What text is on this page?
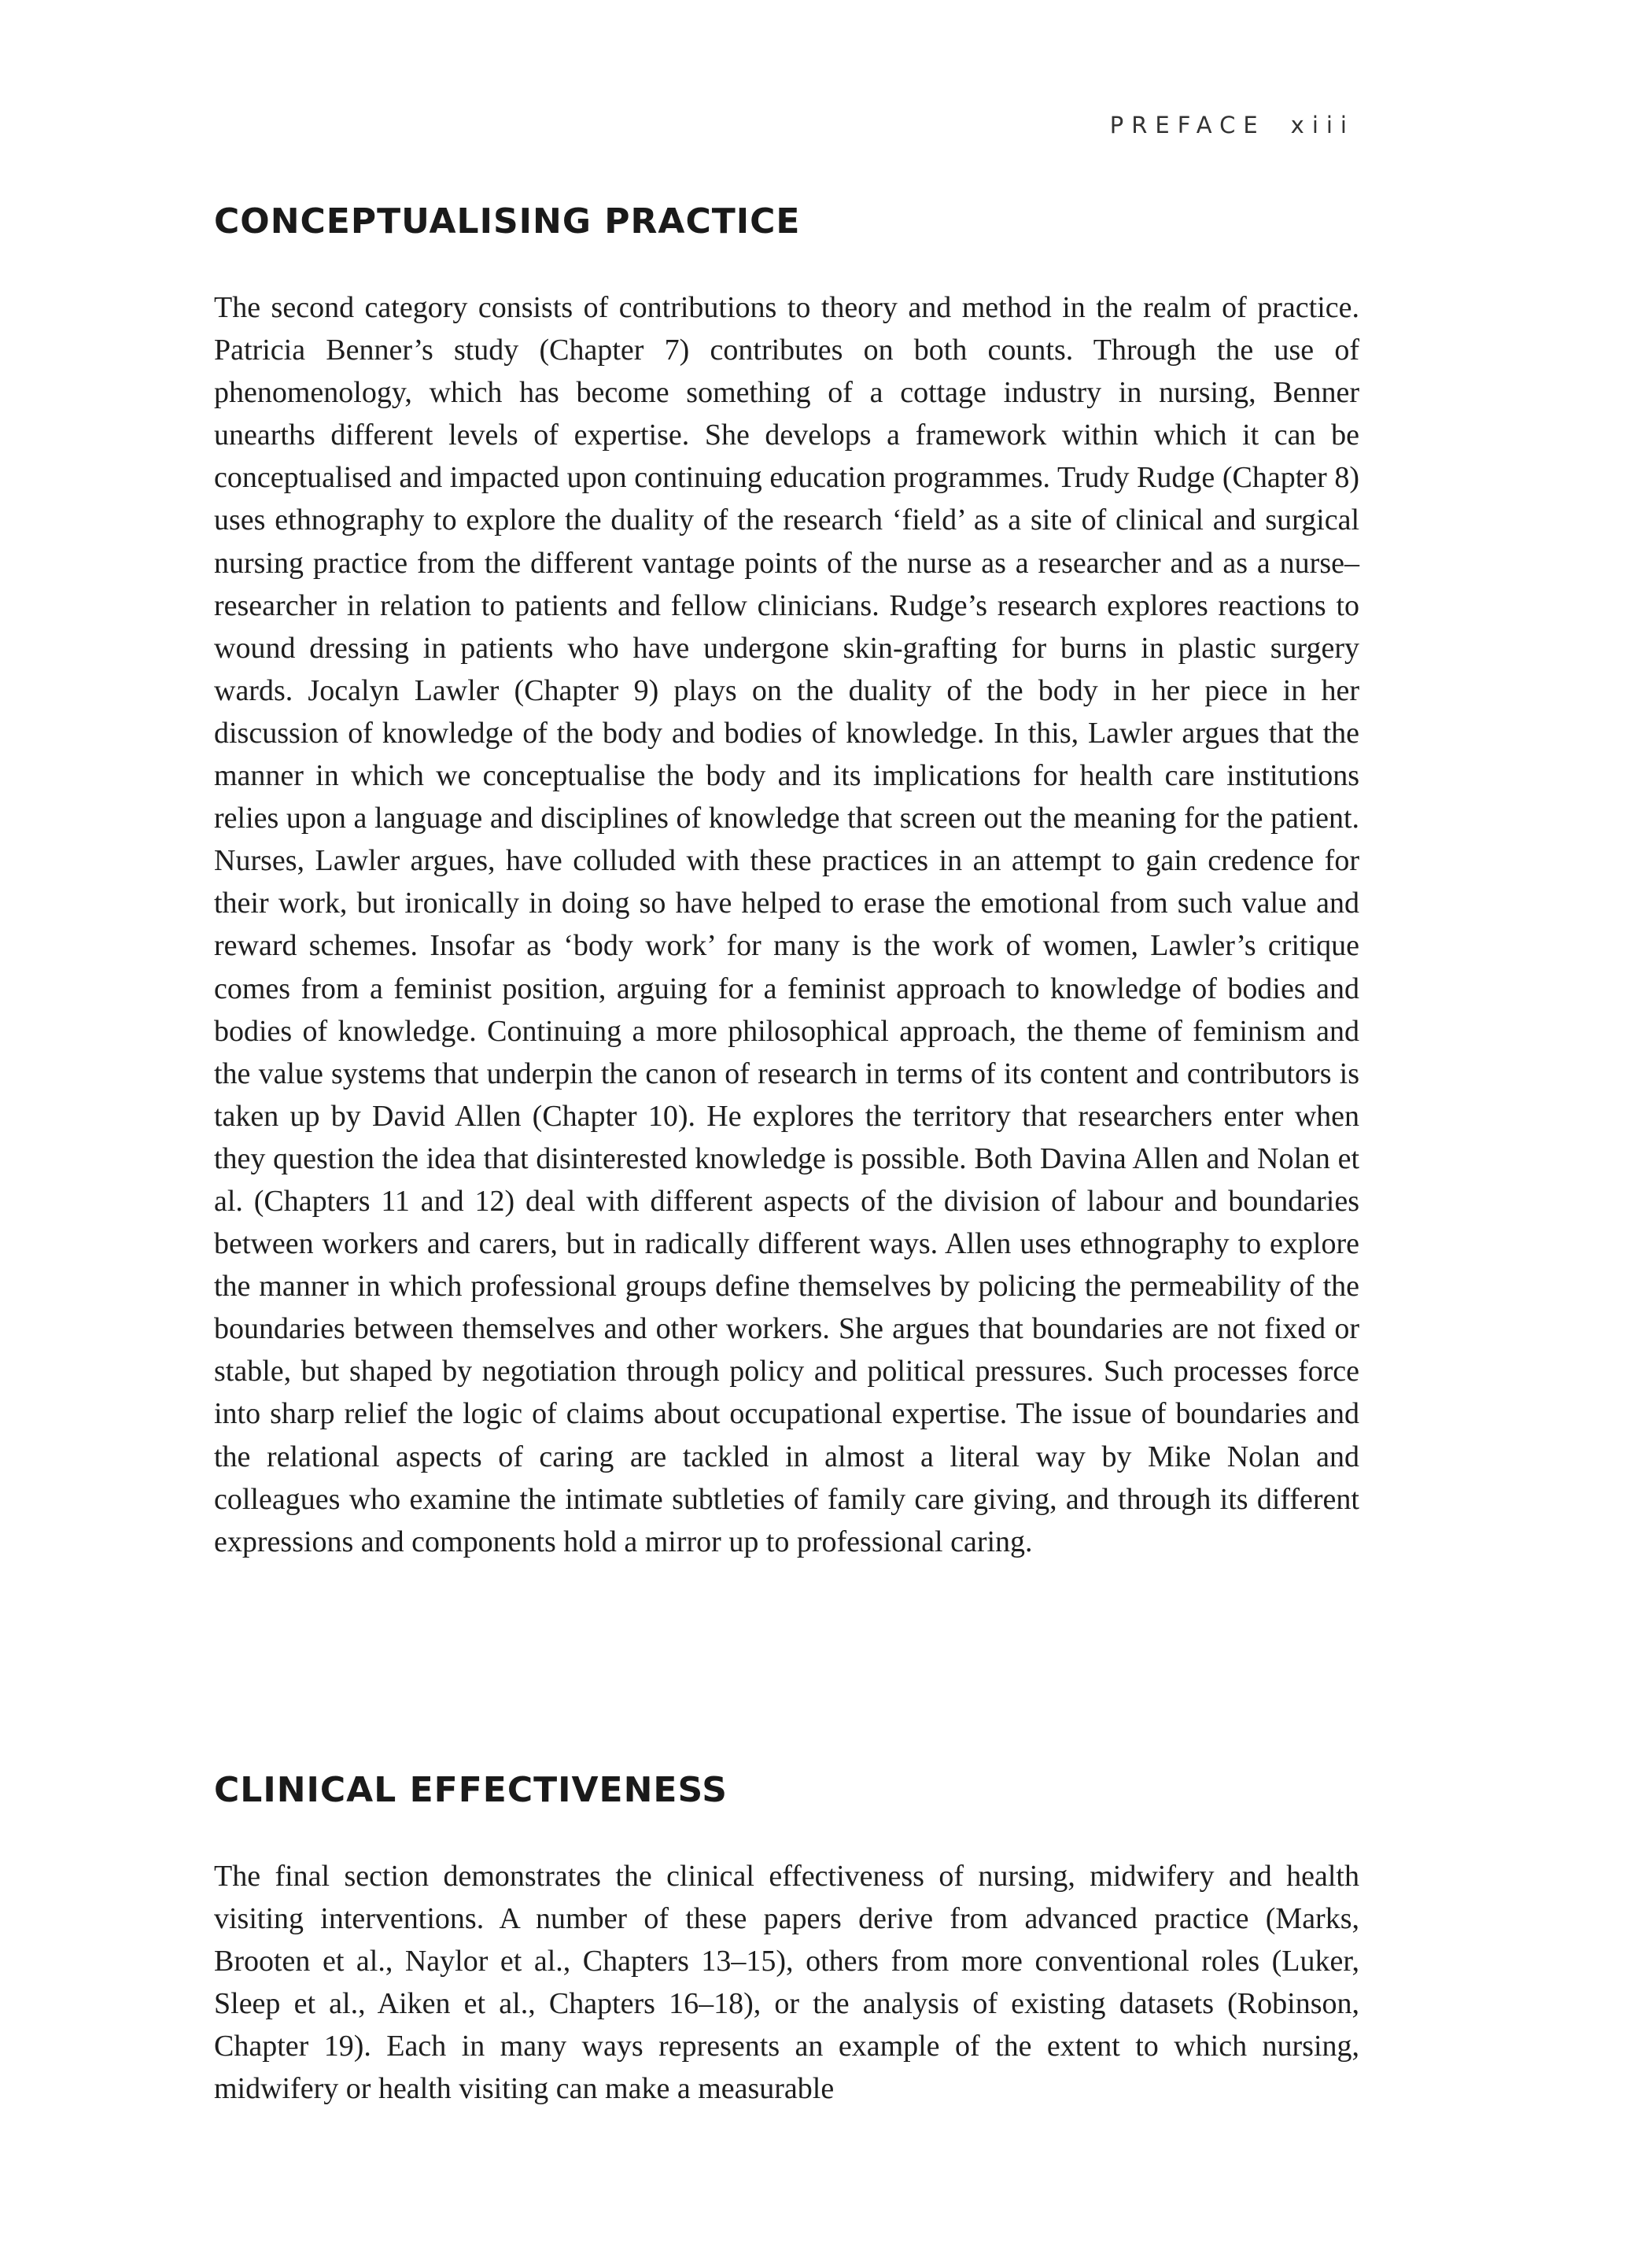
PREFACE xiii
CONCEPTUALISING PRACTICE

The second category consists of contributions to theory and method in the realm of practice. Patricia Benner’s study (Chapter 7) contributes on both counts. Through the use of phenomenology, which has become something of a cottage industry in nursing, Benner unearths different levels of expertise. She develops a framework within which it can be conceptualised and impacted upon continuing education programmes. Trudy Rudge (Chapter 8) uses ethnography to explore the duality of the research ‘field’ as a site of clinical and surgical nursing practice from the different vantage points of the nurse as a researcher and as a nurse–researcher in relation to patients and fellow clinicians. Rudge’s research explores reactions to wound dressing in patients who have undergone skin-grafting for burns in plastic surgery wards. Jocalyn Lawler (Chapter 9) plays on the duality of the body in her piece in her discussion of knowledge of the body and bodies of knowledge. In this, Lawler argues that the manner in which we conceptualise the body and its implications for health care institutions relies upon a language and disciplines of knowledge that screen out the meaning for the patient. Nurses, Lawler argues, have colluded with these practices in an attempt to gain credence for their work, but ironically in doing so have helped to erase the emotional from such value and reward schemes. Insofar as ‘body work’ for many is the work of women, Lawler’s critique comes from a feminist position, arguing for a feminist approach to knowledge of bodies and bodies of knowledge. Continuing a more philosophical approach, the theme of feminism and the value systems that underpin the canon of research in terms of its content and contributors is taken up by David Allen (Chapter 10). He explores the territory that researchers enter when they question the idea that disinterested knowledge is possible. Both Davina Allen and Nolan et al. (Chapters 11 and 12) deal with different aspects of the division of labour and boundaries between workers and carers, but in radically different ways. Allen uses ethnography to explore the manner in which professional groups define themselves by policing the permeability of the boundaries between themselves and other workers. She argues that boundaries are not fixed or stable, but shaped by negotiation through policy and political pressures. Such processes force into sharp relief the logic of claims about occupational expertise. The issue of boundaries and the relational aspects of caring are tackled in almost a literal way by Mike Nolan and colleagues who examine the intimate subtleties of family care giving, and through its different expressions and components hold a mirror up to professional caring.

CLINICAL EFFECTIVENESS

The final section demonstrates the clinical effectiveness of nursing, midwifery and health visiting interventions. A number of these papers derive from advanced practice (Marks, Brooten et al., Naylor et al., Chapters 13–15), others from more conventional roles (Luker, Sleep et al., Aiken et al., Chapters 16–18), or the analysis of existing datasets (Robinson, Chapter 19). Each in many ways represents an example of the extent to which nursing, midwifery or health visiting can make a measurable
